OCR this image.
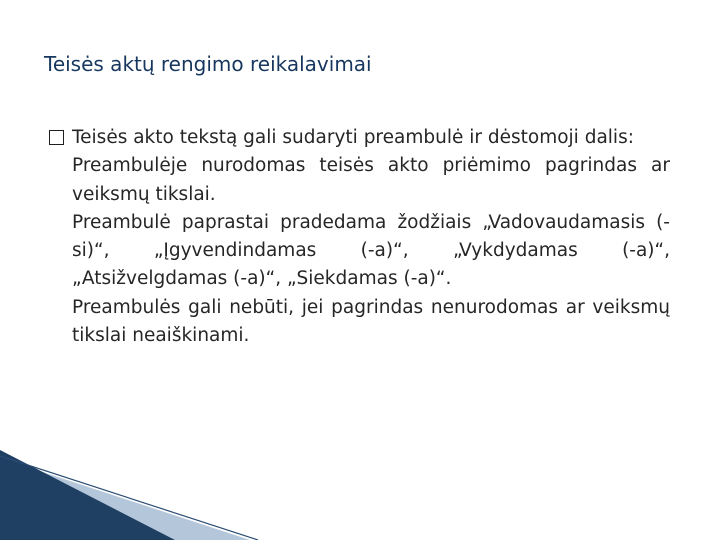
Teisės aktų rengimo reikalavimai
Teisės akto tekstą gali sudaryti preambulė ir dėstomoji dalis:
Preambulėje nurodomas teisės akto priėmimo pagrindas ar veiksmų tikslai.
Preambulė paprastai pradedama žodžiais „Vadovaudamasis (-si)“, „Įgyvendindamas (-a)“, „Vykdydamas (-a)“, „Atsižvelgdamas (-a)“, „Siekdamas (-a)“.
Preambulės gali nebūti, jei pagrindas nenurodomas ar veiksmų tikslai neaiškinami.
